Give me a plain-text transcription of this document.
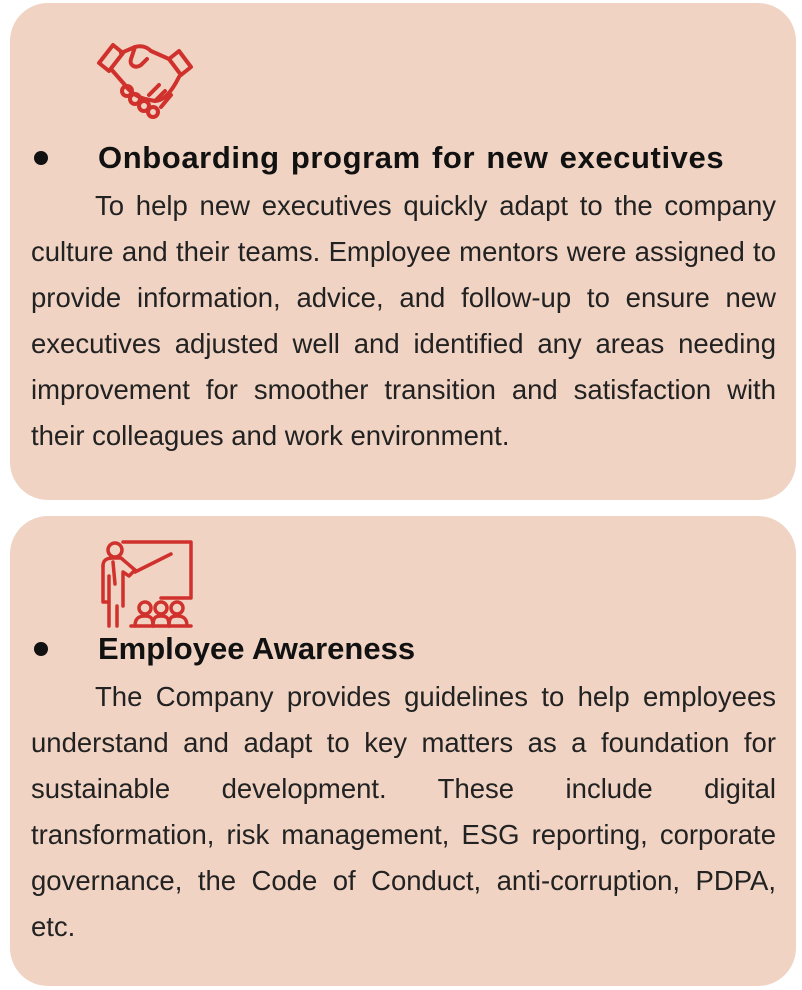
Onboarding program for new executives

To help new executives quickly adapt to the company culture and their teams. Employee mentors were assigned to provide information, advice, and follow-up to ensure new executives adjusted well and identified any areas needing improvement for smoother transition and satisfaction with their colleagues and work environment.

Employee Awareness

The Company provides guidelines to help employees understand and adapt to key matters as a foundation for sustainable development. These include digital transformation, risk management, ESG reporting, corporate governance, the Code of Conduct, anti-corruption, PDPA, etc.
